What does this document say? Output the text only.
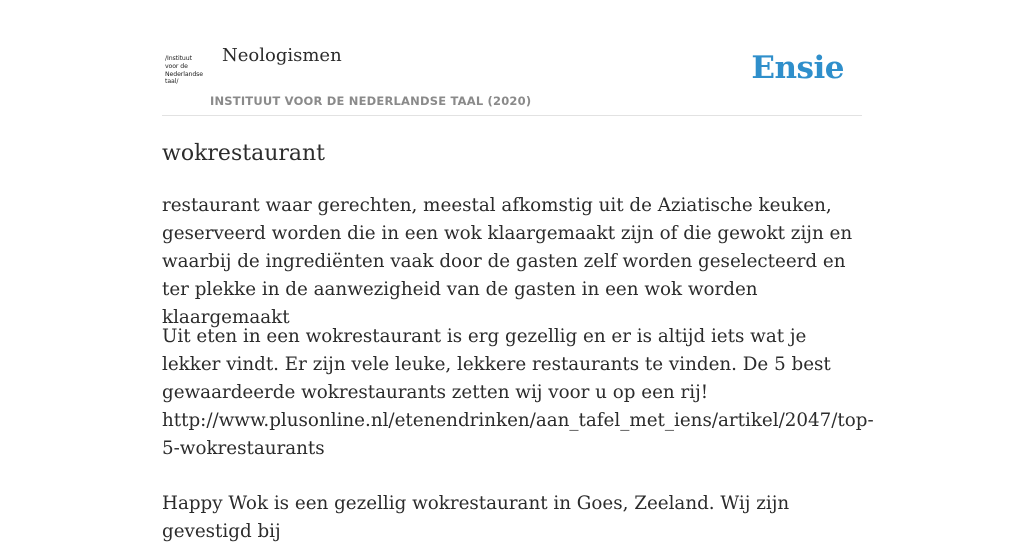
/Instituut
voor de
Nederlandse
taal/
Neologismen
INSTITUUT VOOR DE NEDERLANDSE TAAL (2020)
Ensie
wokrestaurant

restaurant waar gerechten, meestal afkomstig uit de Aziatische keuken, geserveerd worden die in een wok klaargemaakt zijn of die gewokt zijn en waarbij de ingrediënten vaak door de gasten zelf worden geselecteerd en ter plekke in de aanwezigheid van de gasten in een wok worden klaargemaakt

Uit eten in een wokrestaurant is erg gezellig en er is altijd iets wat je lekker vindt. Er zijn vele leuke, lekkere restaurants te vinden. De 5 best gewaardeerde wokrestaurants zetten wij voor u op een rij!
http://www.plusonline.nl/etenendrinken/aan_tafel_met_iens/artikel/2047/top-5-wokrestaurants

Happy Wok is een gezellig wokrestaurant in Goes, Zeeland. Wij zijn gevestigd bij
